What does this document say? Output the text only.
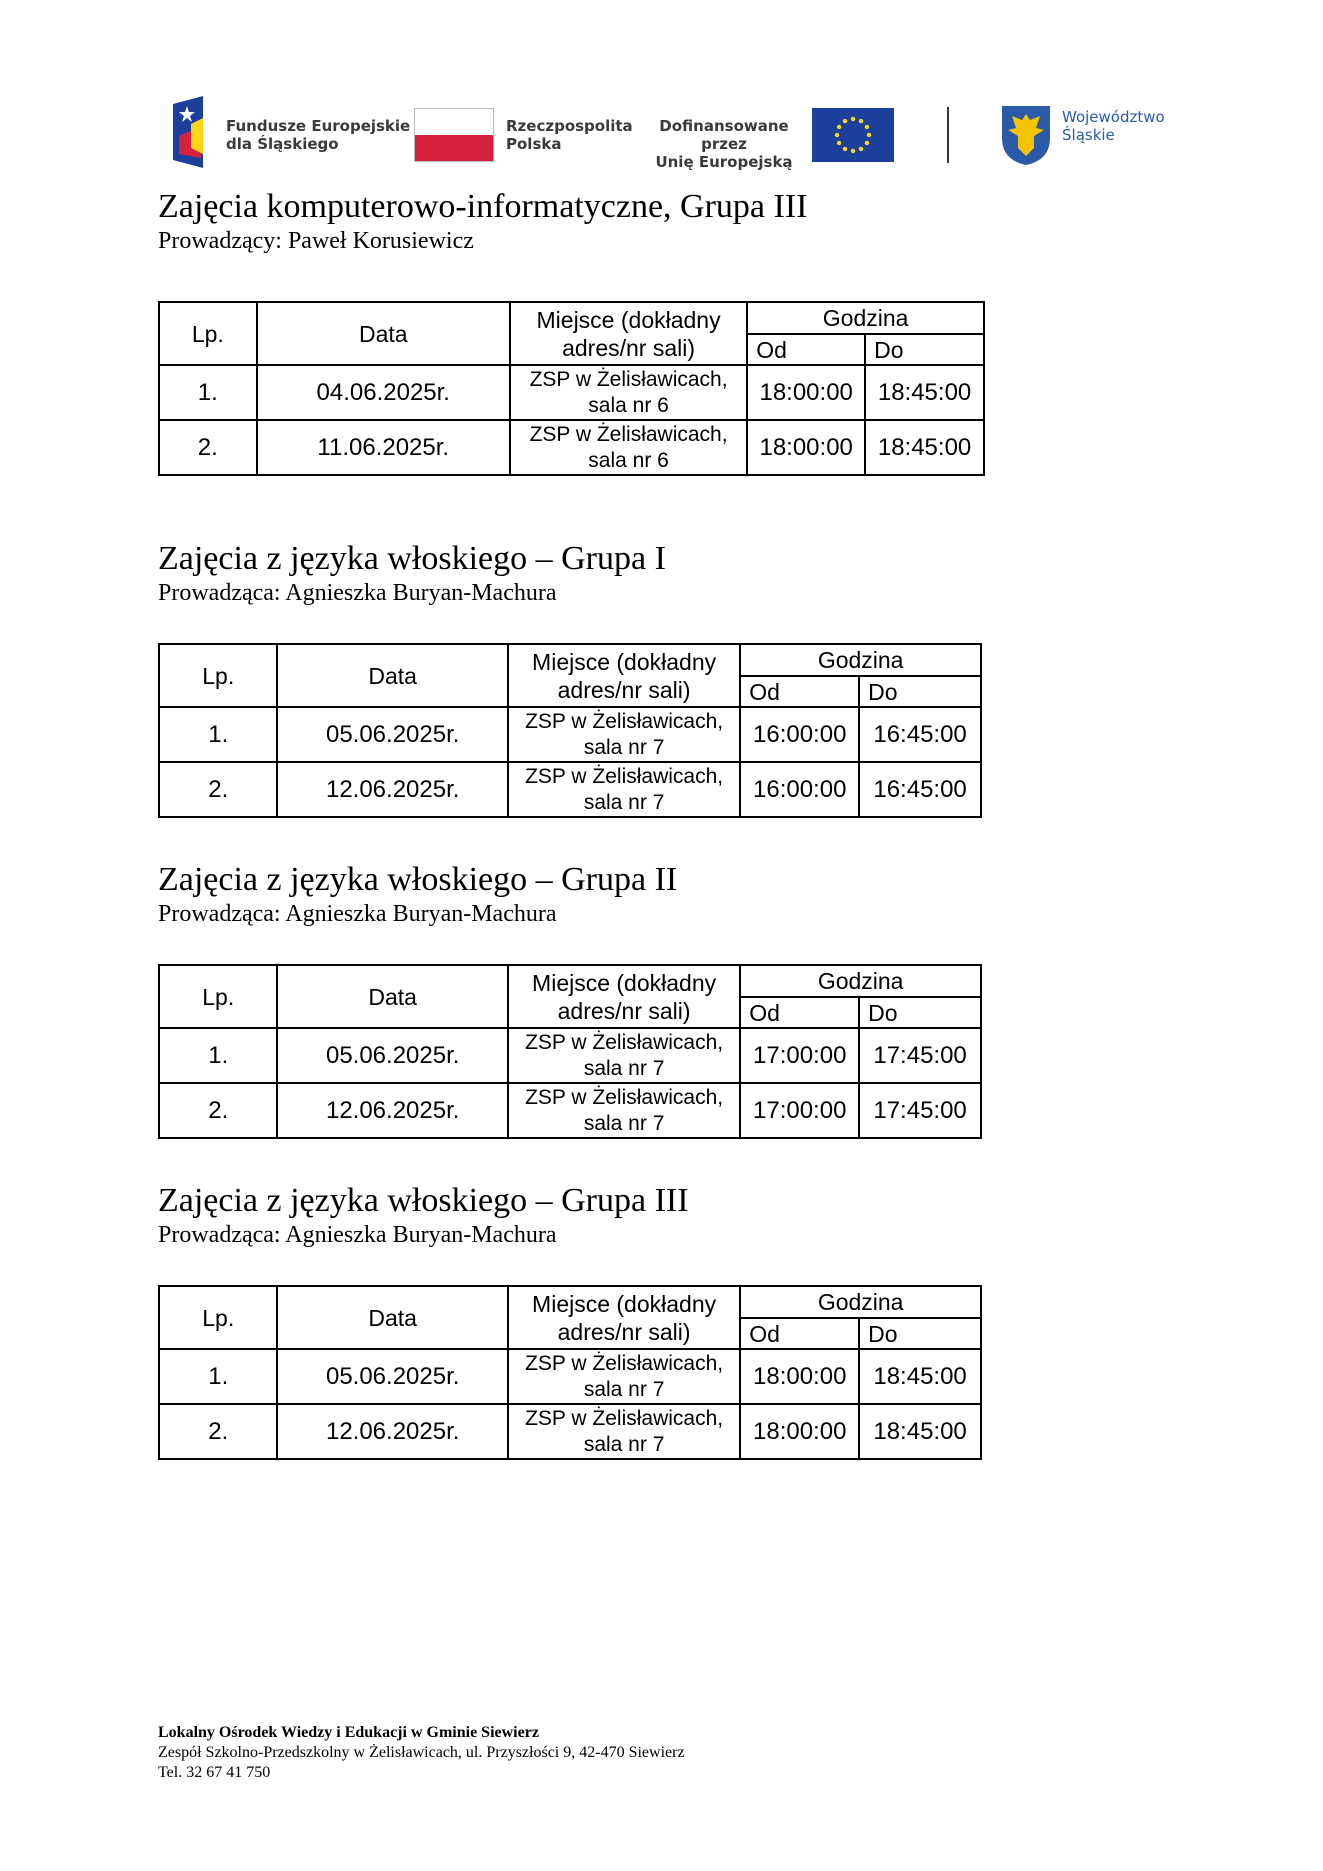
Fundusze Europejskie
dla Śląskiego
Rzeczpospolita
Polska
Dofinansowane przez
Unię Europejską
Województwo
Śląskie
Zajęcia komputerowo-informatyczne, Grupa III

Prowadzący: Paweł Korusiewicz

Lp.	Data	Miejsce (dokładny
adres/nr sali)	Godzina	
			Od	Do
1.	04.06.2025r.	ZSP w Żelisławicach,
sala nr 6	18:00:00	18:45:00
2.	11.06.2025r.	ZSP w Żelisławicach,
sala nr 6	18:00:00	18:45:00
Zajęcia z języka włoskiego – Grupa I

Prowadząca: Agnieszka Buryan-Machura

Lp.	Data	Miejsce (dokładny
adres/nr sali)	Godzina	
			Od	Do
1.	05.06.2025r.	ZSP w Żelisławicach,
sala nr 7	16:00:00	16:45:00
2.	12.06.2025r.	ZSP w Żelisławicach,
sala nr 7	16:00:00	16:45:00
Zajęcia z języka włoskiego – Grupa II

Prowadząca: Agnieszka Buryan-Machura

Lp.	Data	Miejsce (dokładny
adres/nr sali)	Godzina	
			Od	Do
1.	05.06.2025r.	ZSP w Żelisławicach,
sala nr 7	17:00:00	17:45:00
2.	12.06.2025r.	ZSP w Żelisławicach,
sala nr 7	17:00:00	17:45:00
Zajęcia z języka włoskiego – Grupa III

Prowadząca: Agnieszka Buryan-Machura

Lp.	Data	Miejsce (dokładny
adres/nr sali)	Godzina	
			Od	Do
1.	05.06.2025r.	ZSP w Żelisławicach,
sala nr 7	18:00:00	18:45:00
2.	12.06.2025r.	ZSP w Żelisławicach,
sala nr 7	18:00:00	18:45:00
Lokalny Ośrodek Wiedzy i Edukacji w Gminie Siewierz
Zespół Szkolno-Przedszkolny w Żelisławicach, ul. Przyszłości 9, 42-470 Siewierz
Tel. 32 67 41 750
